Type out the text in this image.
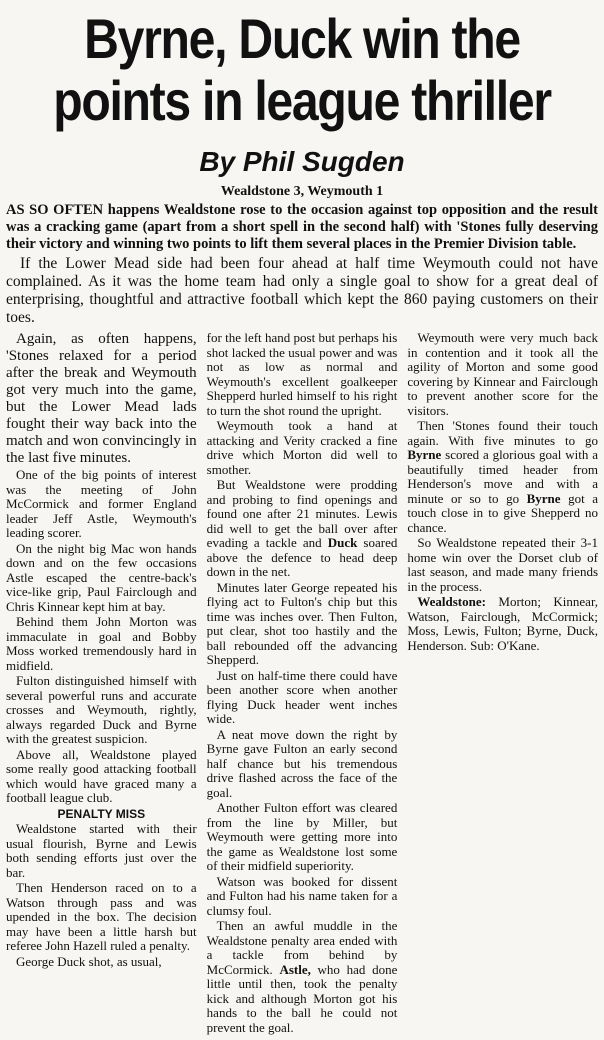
Byrne, Duck win the
points in league thriller
By Phil Sugden
Wealdstone 3, Weymouth 1

AS SO OFTEN happens Wealdstone rose to the occasion against top opposition and the result was a cracking game (apart from a short spell in the second half) with 'Stones fully deserving their victory and winning two points to lift them several places in the Premier Division table.

If the Lower Mead side had been four ahead at half time Weymouth could not have complained. As it was the home team had only a single goal to show for a great deal of enterprising, thoughtful and attractive football which kept the 860 paying customers on their toes.

Again, as often happens, 'Stones relaxed for a period after the break and Weymouth got very much into the game, but the Lower Mead lads fought their way back into the match and won convincingly in the last five minutes.

One of the big points of interest was the meeting of John McCormick and former England leader Jeff Astle, Weymouth's leading scorer.

On the night big Mac won hands down and on the few occasions Astle escaped the centre-back's vice-like grip, Paul Fairclough and Chris Kinnear kept him at bay.

Behind them John Morton was immaculate in goal and Bobby Moss worked tremendously hard in midfield.

Fulton distinguished himself with several powerful runs and accurate crosses and Weymouth, rightly, always regarded Duck and Byrne with the greatest suspicion.

Above all, Wealdstone played some really good attacking football which would have graced many a football league club.

PENALTY MISS

Wealdstone started with their usual flourish, Byrne and Lewis both sending efforts just over the bar.

Then Henderson raced on to a Watson through pass and was upended in the box. The decision may have been a little harsh but referee John Hazell ruled a penalty.

George Duck shot, as usual,

for the left hand post but perhaps his shot lacked the usual power and was not as low as normal and Weymouth's excellent goalkeeper Shepperd hurled himself to his right to turn the shot round the upright.

Weymouth took a hand at attacking and Verity cracked a fine drive which Morton did well to smother.

But Wealdstone were prodding and probing to find openings and found one after 21 minutes. Lewis did well to get the ball over after evading a tackle and Duck soared above the defence to head deep down in the net.

Minutes later George repeated his flying act to Fulton's chip but this time was inches over. Then Fulton, put clear, shot too hastily and the ball rebounded off the advancing Shepperd.

Just on half-time there could have been another score when another flying Duck header went inches wide.

A neat move down the right by Byrne gave Fulton an early second half chance but his tremendous drive flashed across the face of the goal.

Another Fulton effort was cleared from the line by Miller, but Weymouth were getting more into the game as Wealdstone lost some of their midfield superiority.

Watson was booked for dissent and Fulton had his name taken for a clumsy foul.

Then an awful muddle in the Wealdstone penalty area ended with a tackle from behind by McCormick. Astle, who had done little until then, took the penalty kick and although Morton got his hands to the ball he could not prevent the goal.

Weymouth were very much back in contention and it took all the agility of Morton and some good covering by Kinnear and Fairclough to prevent another score for the visitors.

Then 'Stones found their touch again. With five minutes to go Byrne scored a glorious goal with a beautifully timed header from Henderson's move and with a minute or so to go Byrne got a touch close in to give Shepperd no chance.

So Wealdstone repeated their 3-1 home win over the Dorset club of last season, and made many friends in the process.

Wealdstone: Morton; Kinnear, Watson, Fairclough, McCormick; Moss, Lewis, Fulton; Byrne, Duck, Henderson. Sub: O'Kane.
